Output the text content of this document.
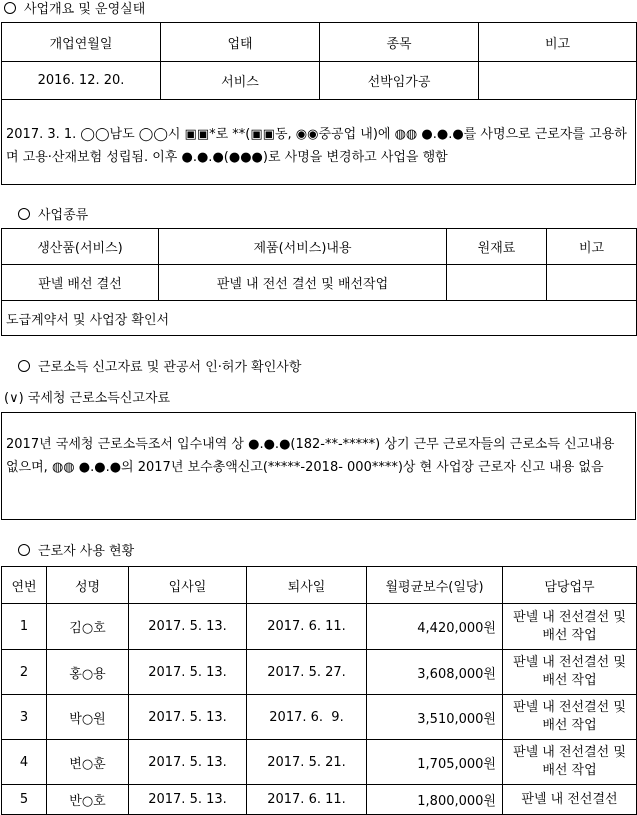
사업개요 및 운영실태
개업연월일	업태	종목	비고
2016. 12. 20.	서비스	선박임가공	
2017. 3. 1. ◯◯남도 ◯◯시 ▣▣*로 **(▣▣동, ◉◉중공업 내)에 ◍◍ ●.●.●를 사명으로 근로자를 고용하며 고용·산재보험 성립됨. 이후 ●.●.●(●●●)로 사명을 변경하고 사업을 행함
사업종류
생산품(서비스)	제품(서비스)내용	원재료	비고
판넬 배선 결선	판넬 내 전선 결선 및 배선작업		
도급계약서 및 사업장 확인서			
근로소득 신고자료 및 관공서 인·허가 확인사항
(∨) 국세청 근로소득신고자료
2017년 국세청 근로소득조서 입수내역 상 ●.●.●(182-**-*****) 상기 근무 근로자들의 근로소득 신고내용 없으며, ◍◍ ●.●.●의 2017년 보수총액신고(*****-2018- 000****)상 현 사업장 근로자 신고 내용 없음
근로자 사용 현황
연번	성명	입사일	퇴사일	월평균보수(일당)	담당업무
1	김○호	2017. 5. 13.	2017. 6. 11.	4,420,000원	판넬 내 전선결선 및 배선 작업
2	홍○용	2017. 5. 13.	2017. 5. 27.	3,608,000원	판넬 내 전선결선 및 배선 작업
3	박○원	2017. 5. 13.	2017. 6.  9.	3,510,000원	판넬 내 전선결선 및 배선 작업
4	변○훈	2017. 5. 13.	2017. 5. 21.	1,705,000원	판넬 내 전선결선 및 배선 작업
5	반○호	2017. 5. 13.	2017. 6. 11.	1,800,000원	판넬 내 전선결선
